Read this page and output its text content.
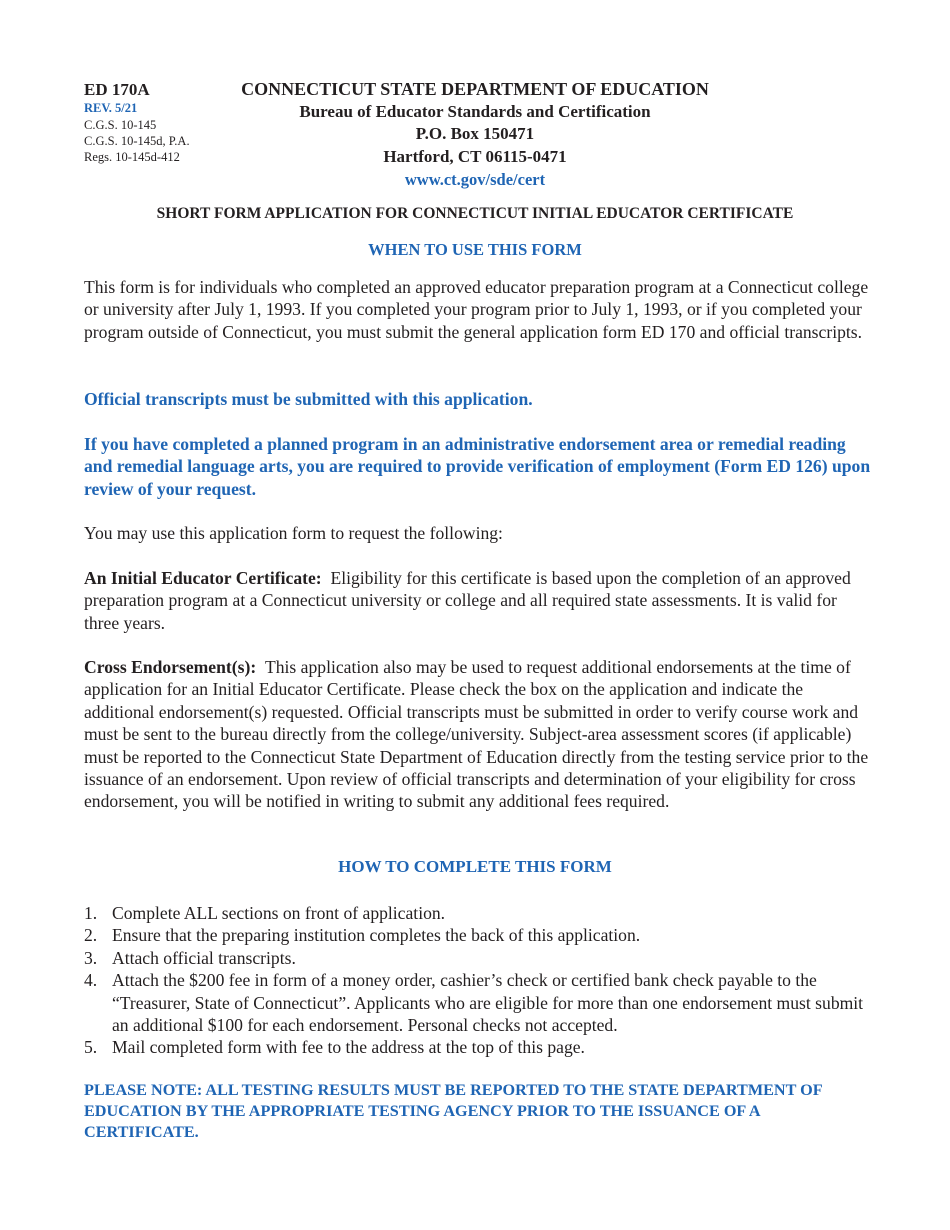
ED 170A
REV. 5/21
C.G.S. 10-145
C.G.S. 10-145d, P.A.
Regs. 10-145d-412
CONNECTICUT STATE DEPARTMENT OF EDUCATION
Bureau of Educator Standards and Certification
P.O. Box 150471
Hartford, CT 06115-0471
www.ct.gov/sde/cert
SHORT FORM APPLICATION FOR CONNECTICUT INITIAL EDUCATOR CERTIFICATE
WHEN TO USE THIS FORM
This form is for individuals who completed an approved educator preparation program at a Connecticut college or university after July 1, 1993. If you completed your program prior to July 1, 1993, or if you completed your program outside of Connecticut, you must submit the general application form ED 170 and official transcripts.
Official transcripts must be submitted with this application.
If you have completed a planned program in an administrative endorsement area or remedial reading and remedial language arts, you are required to provide verification of employment (Form ED 126) upon review of your request.
You may use this application form to request the following:
An Initial Educator Certificate: Eligibility for this certificate is based upon the completion of an approved preparation program at a Connecticut university or college and all required state assessments. It is valid for three years.
Cross Endorsement(s): This application also may be used to request additional endorsements at the time of application for an Initial Educator Certificate. Please check the box on the application and indicate the additional endorsement(s) requested. Official transcripts must be submitted in order to verify course work and must be sent to the bureau directly from the college/university. Subject-area assessment scores (if applicable) must be reported to the Connecticut State Department of Education directly from the testing service prior to the issuance of an endorsement. Upon review of official transcripts and determination of your eligibility for cross endorsement, you will be notified in writing to submit any additional fees required.
HOW TO COMPLETE THIS FORM
1. Complete ALL sections on front of application.
2. Ensure that the preparing institution completes the back of this application.
3. Attach official transcripts.
4. Attach the $200 fee in form of a money order, cashier’s check or certified bank check payable to the “Treasurer, State of Connecticut”. Applicants who are eligible for more than one endorsement must submit an additional $100 for each endorsement. Personal checks not accepted.
5. Mail completed form with fee to the address at the top of this page.
PLEASE NOTE: ALL TESTING RESULTS MUST BE REPORTED TO THE STATE DEPARTMENT OF EDUCATION BY THE APPROPRIATE TESTING AGENCY PRIOR TO THE ISSUANCE OF A CERTIFICATE.
